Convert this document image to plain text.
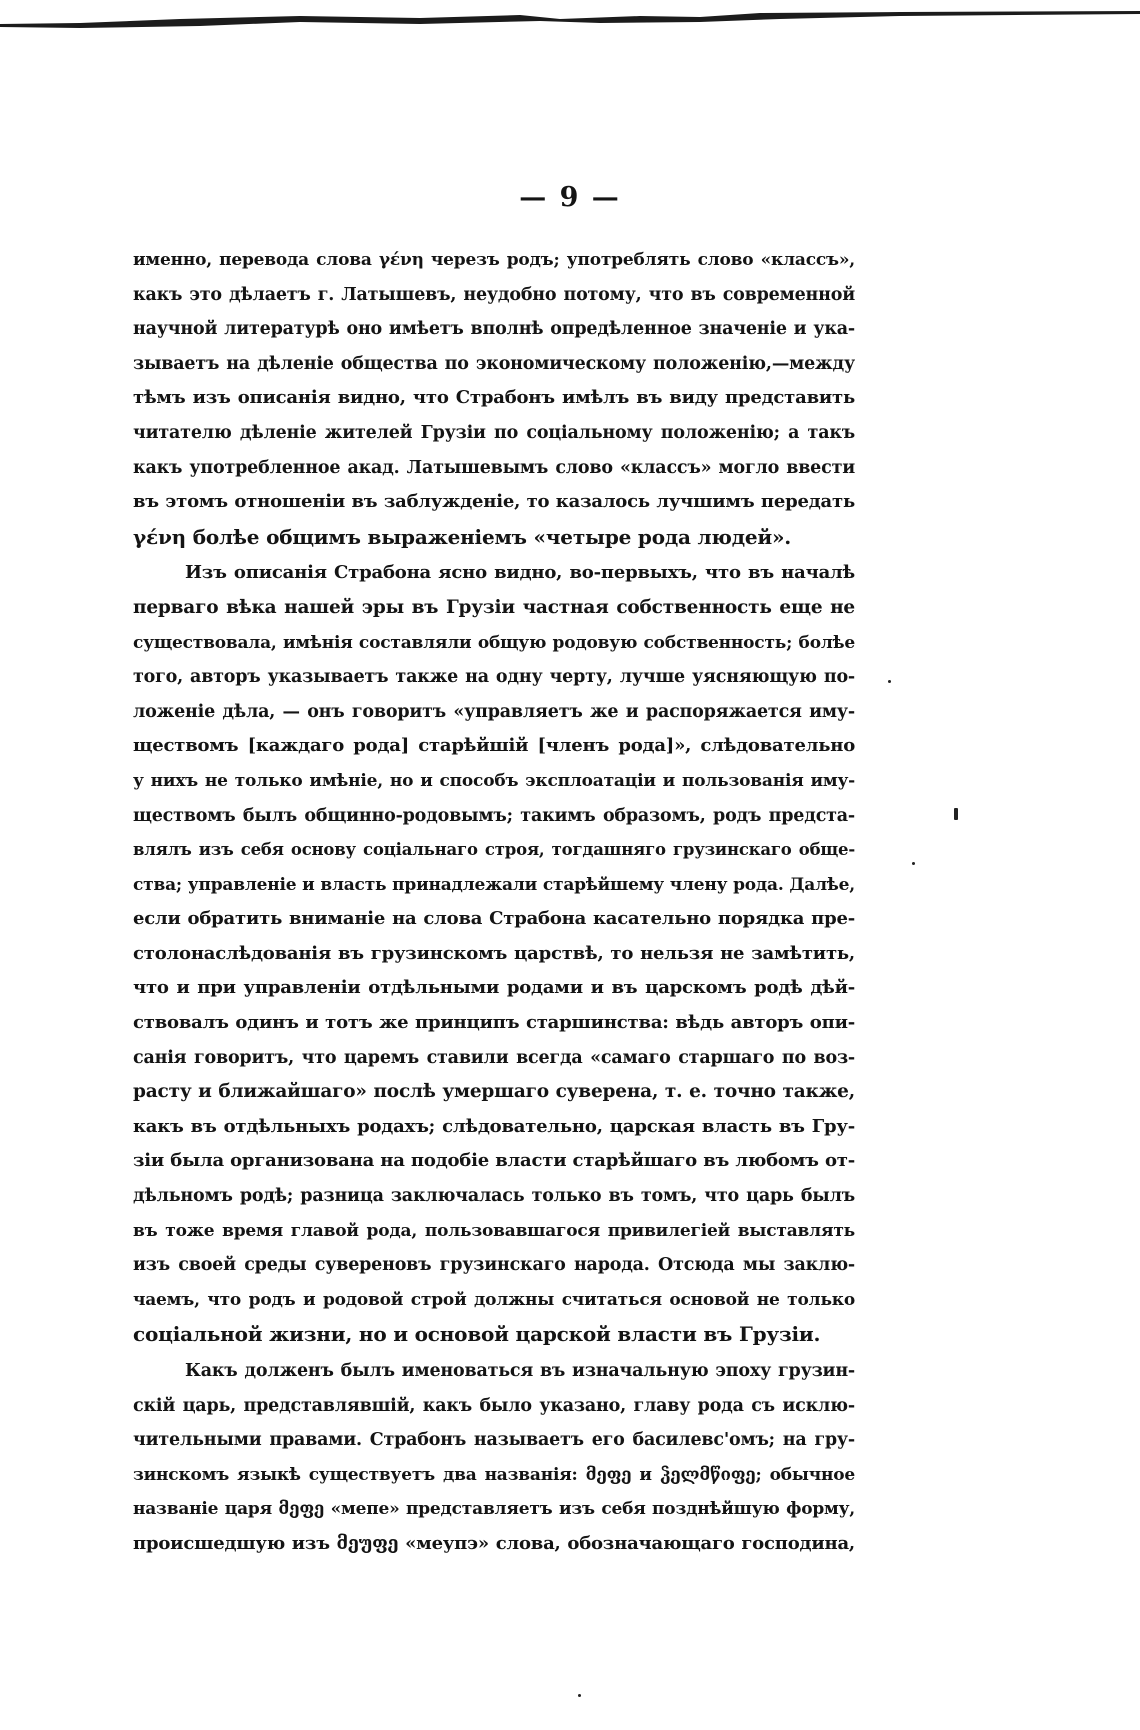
— 9 —
именно, перевода слова γένη черезъ родъ; употреблять слово «классъ»,
какъ это дѣлаетъ г. Латышевъ, неудобно потому, что въ современной
научной литературѣ оно имѣетъ вполнѣ опредѣленное значеніе и ука-
зываетъ на дѣленіе общества по экономическому положенію,—между
тѣмъ изъ описанія видно, что Страбонъ имѣлъ въ виду представить
читателю дѣленіе жителей Грузіи по соціальному положенію; а такъ
какъ употребленное акад. Латышевымъ слово «классъ» могло ввести
въ этомъ отношеніи въ заблужденіе, то казалось лучшимъ передать
γένη болѣе общимъ выраженіемъ «четыре рода людей».
Изъ описанія Страбона ясно видно, во-первыхъ, что въ началѣ
перваго вѣка нашей эры въ Грузіи частная собственность еще не
существовала, имѣнія составляли общую родовую собственность; болѣе
того, авторъ указываетъ также на одну черту, лучше уясняющую по-
ложеніе дѣла, — онъ говоритъ «управляетъ же и распоряжается иму-
ществомъ [каждаго рода] старѣйшій [членъ рода]», слѣдовательно
у нихъ не только имѣніе, но и способъ эксплоатаціи и пользованія иму-
ществомъ былъ общинно-родовымъ; такимъ образомъ, родъ предста-
влялъ изъ себя основу соціальнаго строя, тогдашняго грузинскаго обще-
ства; управленіе и власть принадлежали старѣйшему члену рода. Далѣе,
если обратить вниманіе на слова Страбона касательно порядка пре-
столонаслѣдованія въ грузинскомъ царствѣ, то нельзя не замѣтить,
что и при управленіи отдѣльными родами и въ царскомъ родѣ дѣй-
ствовалъ одинъ и тотъ же принципъ старшинства: вѣдь авторъ опи-
санія говоритъ, что царемъ ставили всегда «самаго старшаго по воз-
расту и ближайшаго» послѣ умершаго суверена, т. е. точно также,
какъ въ отдѣльныхъ родахъ; слѣдовательно, царская власть въ Гру-
зіи была организована на подобіе власти старѣйшаго въ любомъ от-
дѣльномъ родѣ; разница заключалась только въ томъ, что царь былъ
въ тоже время главой рода, пользовавшагося привилегіей выставлять
изъ своей среды сувереновъ грузинскаго народа. Отсюда мы заклю-
чаемъ, что родъ и родовой строй должны считаться основой не только
соціальной жизни, но и основой царской власти въ Грузіи.
Какъ долженъ былъ именоваться въ изначальную эпоху грузин-
скій царь, представлявшій, какъ было указано, главу рода съ исклю-
чительными правами. Страбонъ называетъ его басилевс'омъ; на гру-
зинскомъ языкѣ существуетъ два названія: მეფე и ჴელმწიფე; обычное
названіе царя მეფე «мепе» представляетъ изъ себя позднѣйшую форму,
происшедшую изъ მეუფე «меупэ» слова, обозначающаго господина,
